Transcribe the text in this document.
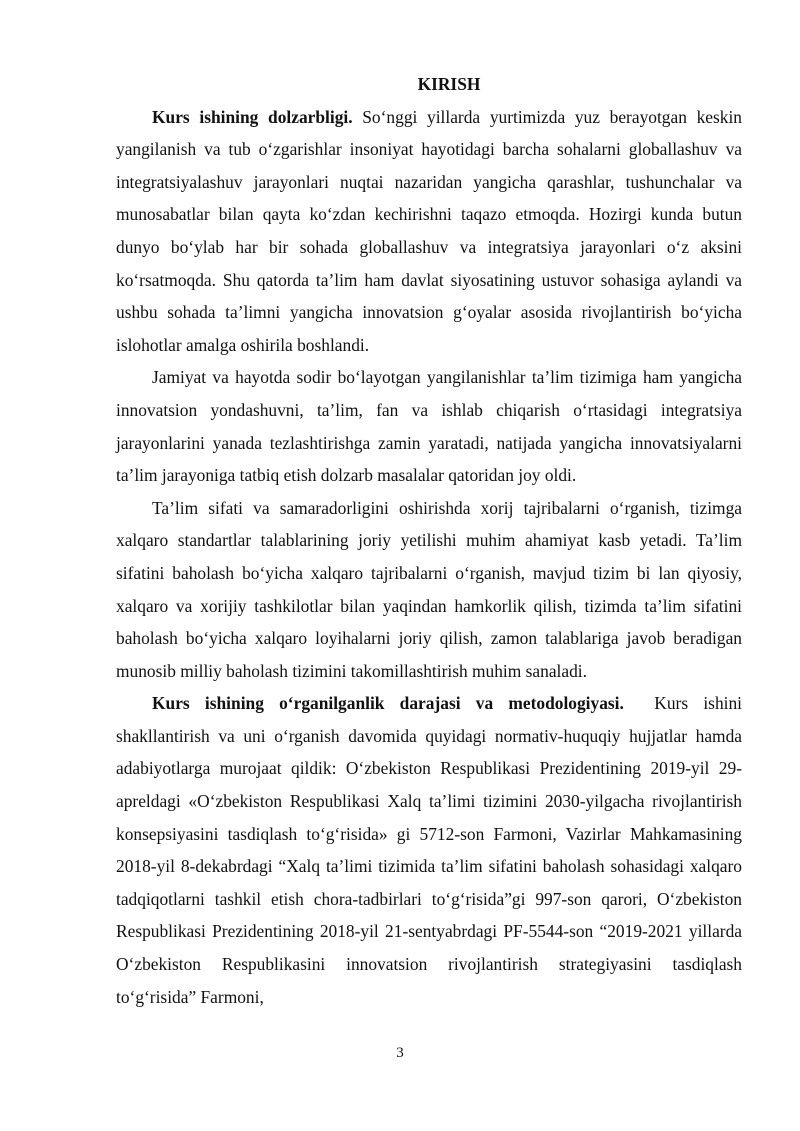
KIRISH

Kurs ishining dolzarbligi. So‘nggi yillarda yurtimizda yuz berayotgan keskin yangilanish va tub o‘zgarishlar insoniyat hayotidagi barcha sohalarni globallashuv va integratsiyalashuv jarayonlari nuqtai nazaridan yangicha qarashlar, tushunchalar va munosabatlar bilan qayta ko‘zdan kechirishni taqazo etmoqda. Hozirgi kunda butun dunyo bo‘ylab har bir sohada globallashuv va integratsiya jarayonlari o‘z aksini ko‘rsatmoqda. Shu qatorda ta’lim ham davlat siyosatining ustuvor sohasiga aylandi va ushbu sohada ta’limni yangicha innovatsion g‘oyalar asosida rivojlantirish bo‘yicha islohotlar amalga oshirila boshlandi.

Jamiyat va hayotda sodir bo‘layotgan yangilanishlar ta’lim tizimiga ham yangicha innovatsion yondashuvni, ta’lim, fan va ishlab chiqarish o‘rtasidagi integratsiya jarayonlarini yanada tezlashtirishga zamin yaratadi, natijada yangicha innovatsiyalarni ta’lim jarayoniga tatbiq etish dolzarb masalalar qatoridan joy oldi.

Ta’lim sifati va samaradorligini oshirishda xorij tajribalarni o‘rganish, tizimga xalqaro standartlar talablarining joriy yetilishi muhim ahamiyat kasb yetadi. Ta’lim sifatini baholash bo‘yicha xalqaro tajribalarni o‘rganish, mavjud tizim bi lan qiyosiy, xalqaro va xorijiy tashkilotlar bilan yaqindan hamkorlik qilish, tizimda ta’lim sifatini baholash bo‘yicha xalqaro loyihalarni joriy qilish, zamon talablariga javob beradigan munosib milliy baholash tizimini takomillashtirish muhim sanaladi.

Kurs ishining o‘rganilganlik darajasi va metodologiyasi.  Kurs ishini shakllantirish va uni o‘rganish davomida quyidagi normativ-huquqiy hujjatlar hamda adabiyotlarga murojaat qildik: O‘zbekiston Respublikasi Prezidentining 2019-yil 29-apreldagi «O‘zbekiston Respublikasi Xalq ta’limi tizimini 2030-yilgacha rivojlantirish konsepsiyasini tasdiqlash to‘g‘risida» gi 5712-son Farmoni, Vazirlar Mahkamasining 2018-yil 8-dekabrdagi “Xalq ta’limi tizimida ta’lim sifatini baholash sohasidagi xalqaro tadqiqotlarni tashkil etish chora-tadbirlari to‘g‘risida”gi 997-son qarori, O‘zbekiston Respublikasi Prezidentining 2018-yil 21-sentyabrdagi PF-5544-son “2019-2021 yillarda O‘zbekiston Respublikasini innovatsion rivojlantirish strategiyasini tasdiqlash to‘g‘risida” Farmoni,

3
